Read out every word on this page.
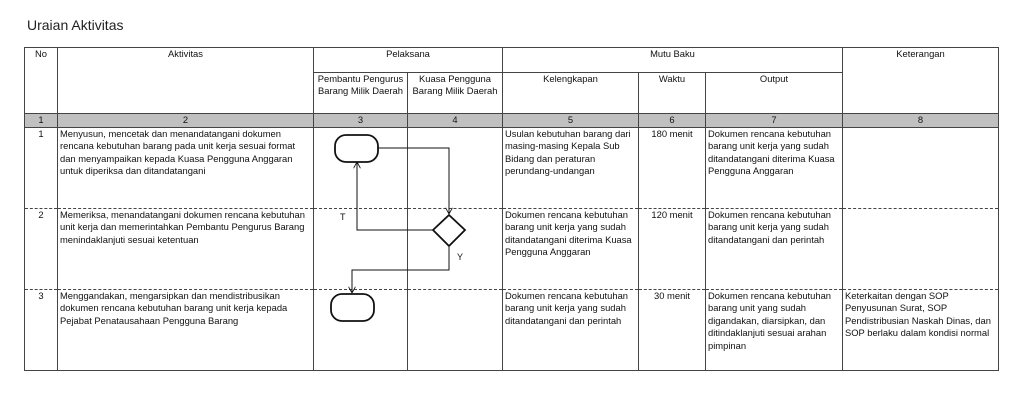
Uraian Aktivitas
No	Aktivitas	Pelaksana		Mutu Baku			Keterangan
		Pembantu Pengurus Barang Milik Daerah	Kuasa Pengguna Barang Milik Daerah	Kelengkapan	Waktu	Output	
1	2	3	4	5	6	7	8
1	Menyusun, mencetak dan menandatangani dokumen rencana kebutuhan barang pada unit kerja sesuai format dan menyampaikan kepada Kuasa Pengguna Anggaran untuk diperiksa dan ditandatangani			Usulan kebutuhan barang dari masing-masing Kepala Sub Bidang dan peraturan perundang-undangan	180 menit	Dokumen rencana kebutuhan barang unit kerja yang sudah ditandatangani diterima Kuasa Pengguna Anggaran	
2	Memeriksa, menandatangani dokumen rencana kebutuhan unit kerja dan memerintahkan Pembantu Pengurus Barang menindaklanjuti sesuai ketentuan			Dokumen rencana kebutuhan barang unit kerja yang sudah ditandatangani diterima Kuasa Pengguna Anggaran	120 menit	Dokumen rencana kebutuhan barang unit kerja yang sudah ditandatangani dan perintah	
3	Menggandakan, mengarsipkan dan mendistribusikan dokumen rencana kebutuhan barang unit kerja kepada Pejabat Penatausahaan Pengguna Barang			Dokumen rencana kebutuhan barang unit kerja yang sudah ditandatangani dan perintah	30 menit	Dokumen rencana kebutuhan barang unit yang sudah digandakan, diarsipkan, dan ditindaklanjuti sesuai arahan pimpinan	Keterkaitan dengan SOP Penyusunan Surat, SOP Pendistribusian Naskah Dinas, dan SOP berlaku dalam kondisi normal
T
Y
